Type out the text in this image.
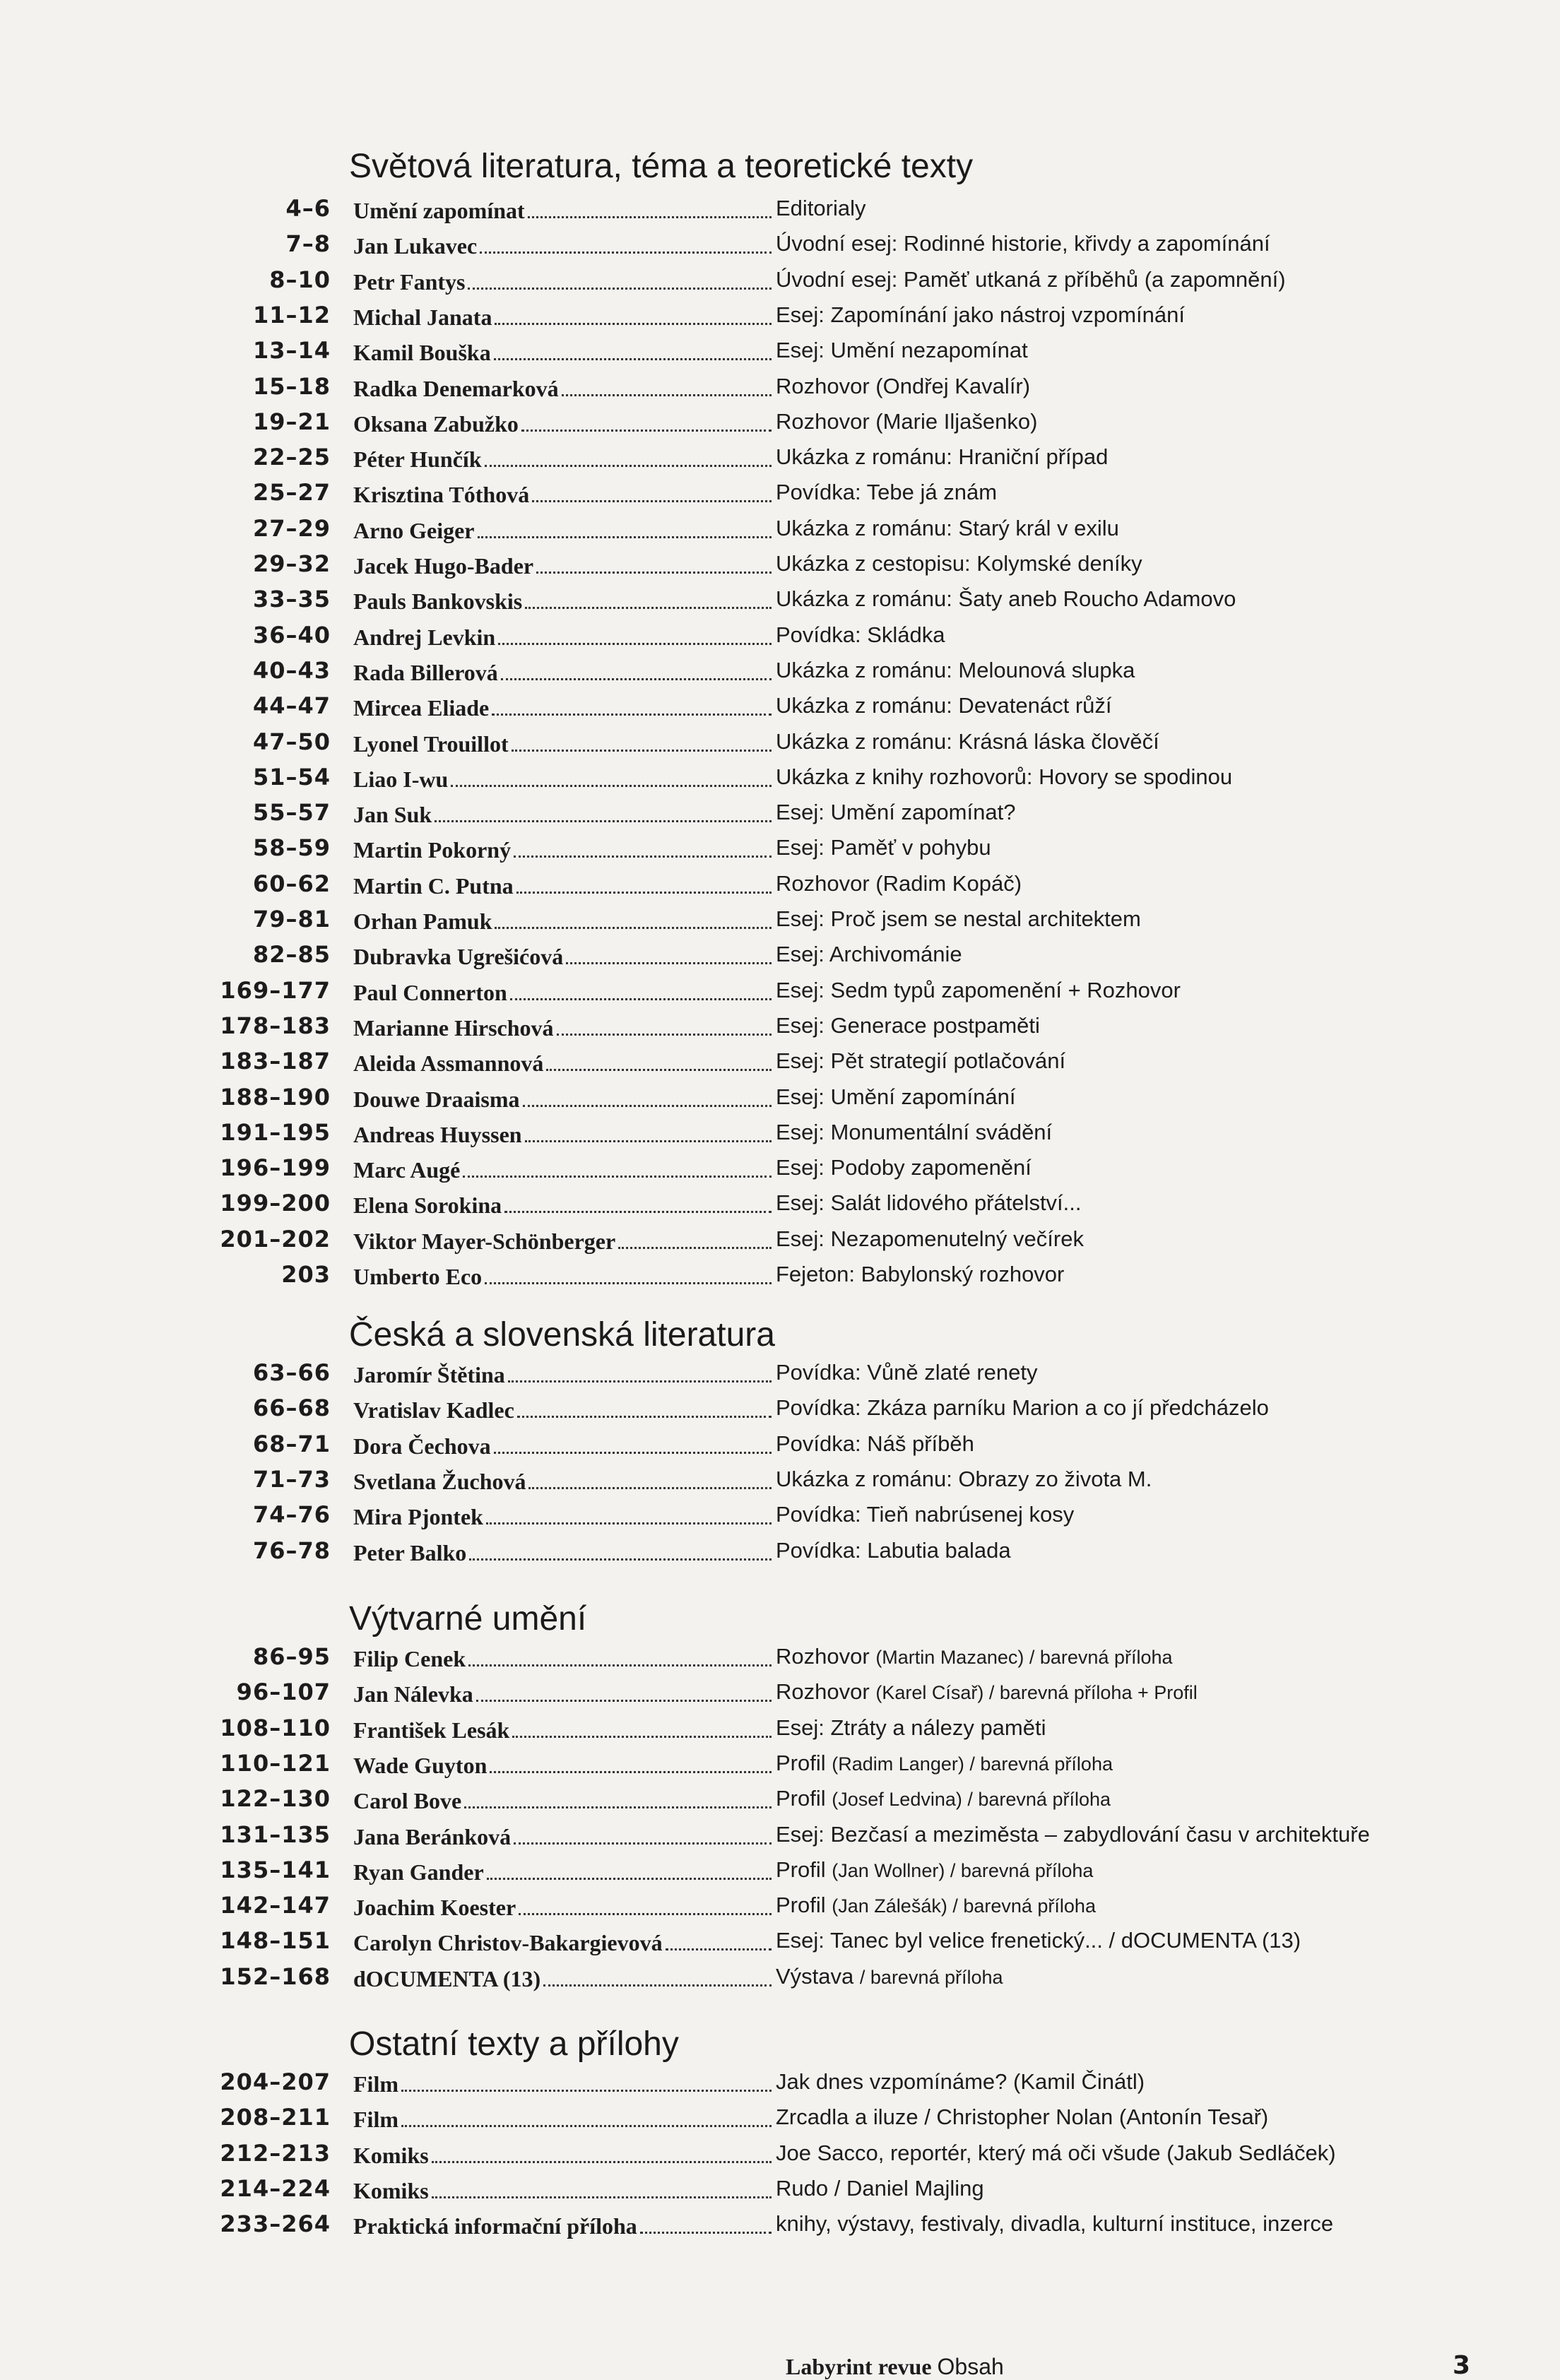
Světová literatura, téma a teoretické texty
4–6 Umění zapomínat	Editorialy
7–8 Jan Lukavec	Úvodní esej: Rodinné historie, křivdy a zapomínání
8–10 Petr Fantys	Úvodní esej: Paměť utkaná z příběhů (a zapomnění)
11–12 Michal Janata	Esej: Zapomínání jako nástroj vzpomínání
13–14 Kamil Bouška	Esej: Umění nezapomínat
15–18 Radka Denemarková	Rozhovor (Ondřej Kavalír)
19–21 Oksana Zabužko	Rozhovor (Marie Iljašenko)
22–25 Péter Hunčík	Ukázka z románu: Hraniční případ
25–27 Krisztina Tóthová	Povídka: Tebe já znám
27–29 Arno Geiger	Ukázka z románu: Starý král v exilu
29–32 Jacek Hugo-Bader	Ukázka z cestopisu: Kolymské deníky
33–35 Pauls Bankovskis	Ukázka z románu: Šaty aneb Roucho Adamovo
36–40 Andrej Levkin	Povídka: Skládka
40–43 Rada Billerová	Ukázka z románu: Melounová slupka
44–47 Mircea Eliade	Ukázka z románu: Devatenáct růží
47–50 Lyonel Trouillot	Ukázka z románu: Krásná láska člověčí
51–54 Liao I-wu	Ukázka z knihy rozhovorů: Hovory se spodinou
55–57 Jan Suk	Esej: Umění zapomínat?
58–59 Martin Pokorný	Esej: Paměť v pohybu
60–62 Martin C. Putna	Rozhovor (Radim Kopáč)
79–81 Orhan Pamuk	Esej: Proč jsem se nestal architektem
82–85 Dubravka Ugrešićová	Esej: Archivománie
169–177 Paul Connerton	Esej: Sedm typů zapomenění + Rozhovor
178–183 Marianne Hirschová	Esej: Generace postpaměti
183–187 Aleida Assmannová	Esej: Pět strategií potlačování
188–190 Douwe Draaisma	Esej: Umění zapomínání
191–195 Andreas Huyssen	Esej: Monumentální svádění
196–199 Marc Augé	Esej: Podoby zapomenění
199–200 Elena Sorokina	Esej: Salát lidového přátelství...
201–202 Viktor Mayer-Schönberger	Esej: Nezapomenutelný večírek
203 Umberto Eco	Fejeton: Babylonský rozhovor
Česká a slovenská literatura
63–66 Jaromír Štětina	Povídka: Vůně zlaté renety
66–68 Vratislav Kadlec	Povídka: Zkáza parníku Marion a co jí předcházelo
68–71 Dora Čechova	Povídka: Náš příběh
71–73 Svetlana Žuchová	Ukázka z románu: Obrazy zo života M.
74–76 Mira Pjontek	Povídka: Tieň nabrúsenej kosy
76–78 Peter Balko	Povídka: Labutia balada
Výtvarné umění
86–95 Filip Cenek	Rozhovor (Martin Mazanec) / barevná příloha
96–107 Jan Nálevka	Rozhovor (Karel Císař) / barevná příloha + Profil
108–110 František Lesák	Esej: Ztráty a nálezy paměti
110–121 Wade Guyton	Profil (Radim Langer) / barevná příloha
122–130 Carol Bove	Profil (Josef Ledvina) / barevná příloha
131–135 Jana Beránková	Esej: Bezčasí a meziměsta – zabydlování času v architektuře
135–141 Ryan Gander	Profil (Jan Wollner) / barevná příloha
142–147 Joachim Koester	Profil (Jan Zálešák) / barevná příloha
148–151 Carolyn Christov-Bakargievová	Esej: Tanec byl velice frenetický... / dOCUMENTA (13)
152–168 dOCUMENTA (13)	Výstava / barevná příloha
Ostatní texty a přílohy
204–207 Film	Jak dnes vzpomínáme? (Kamil Činátl)
208–211 Film	Zrcadla a iluze / Christopher Nolan (Antonín Tesař)
212–213 Komiks	Joe Sacco, reportér, který má oči všude (Jakub Sedláček)
214–224 Komiks	Rudo / Daniel Majling
233–264 Praktická informační příloha	knihy, výstavy, festivaly, divadla, kulturní instituce, inzerce
Labyrint revue Obsah	3
